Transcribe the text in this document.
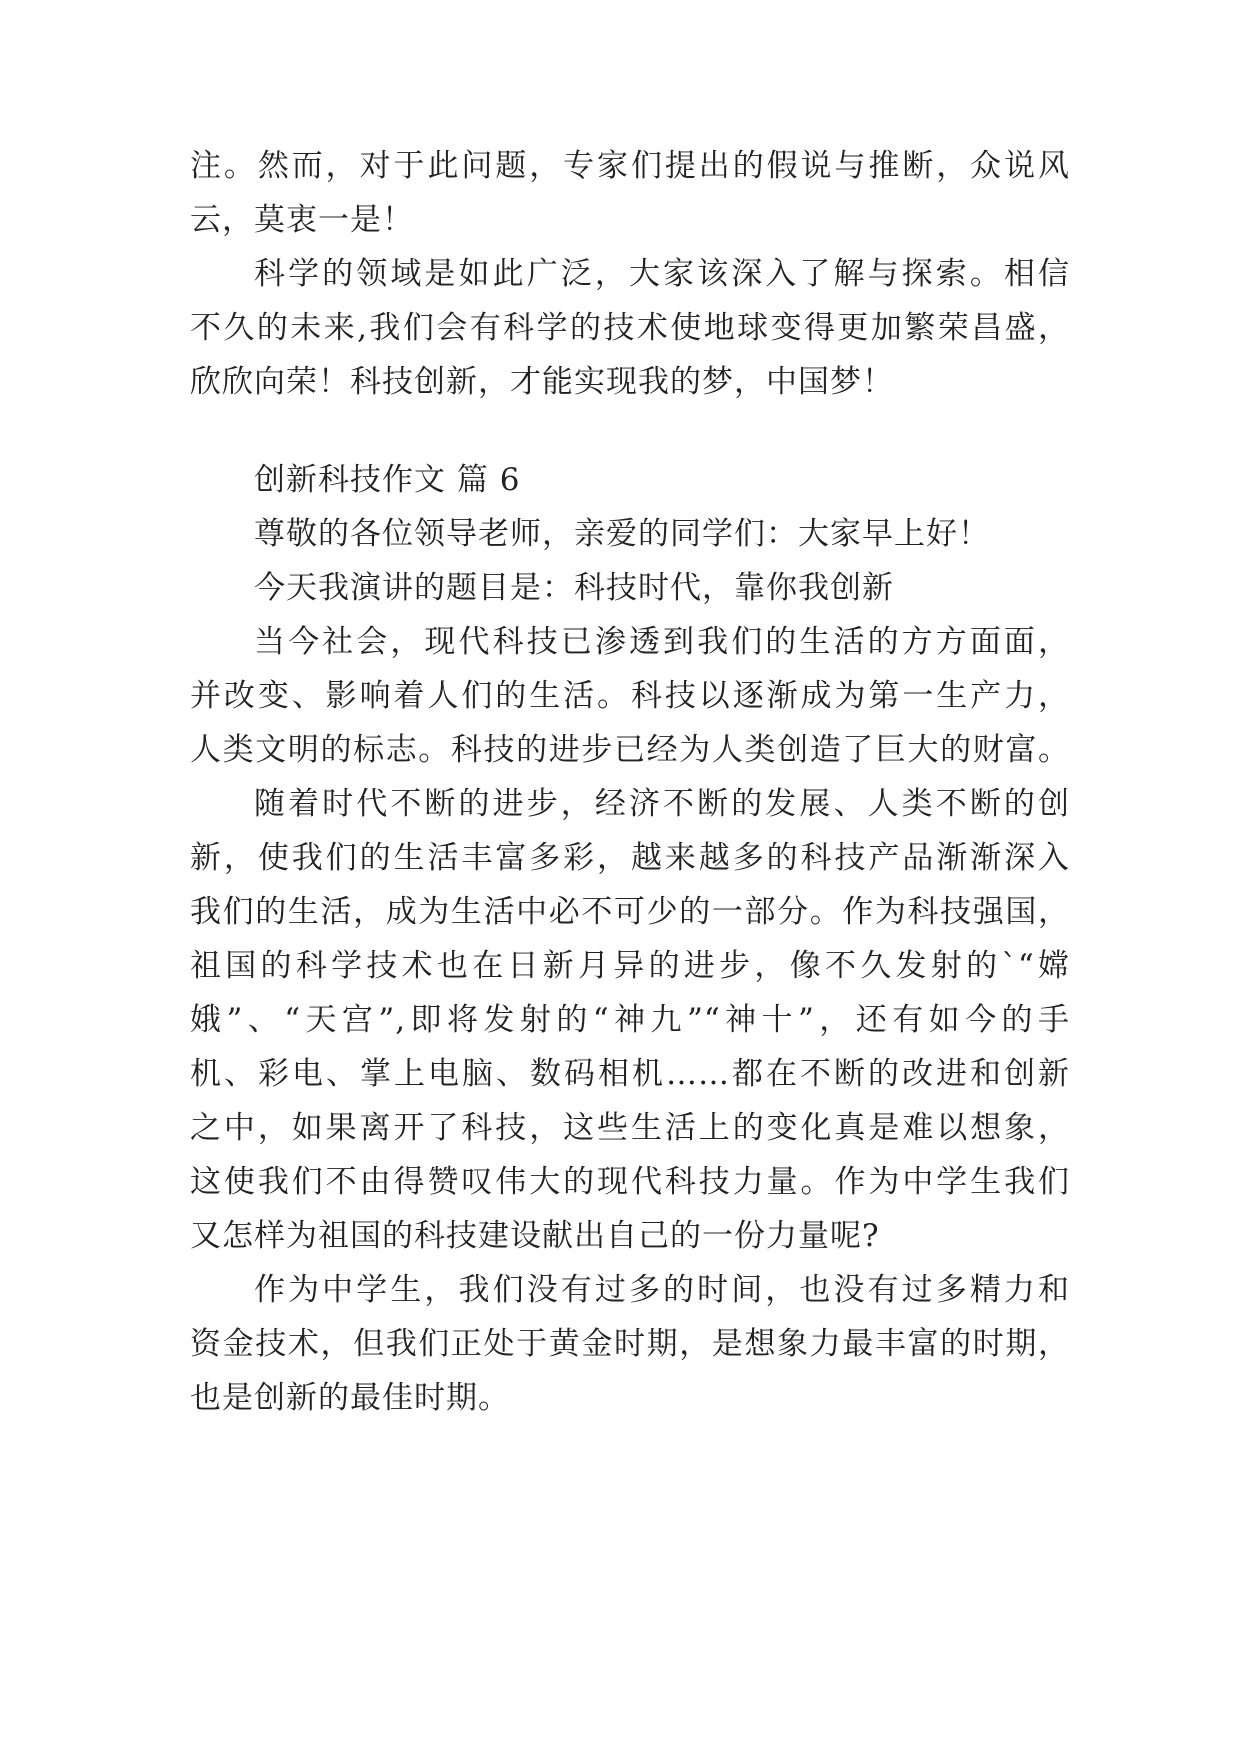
注。然而，对于此问题，专家们提出的假说与推断，众说风
云，莫衷一是！
科学的领域是如此广泛，大家该深入了解与探索。相信
不久的未来,我们会有科学的技术使地球变得更加繁荣昌盛，
欣欣向荣！科技创新，才能实现我的梦，中国梦！
创新科技作文 篇 6
尊敬的各位领导老师，亲爱的同学们：大家早上好！
今天我演讲的题目是：科技时代，靠你我创新
当今社会，现代科技已渗透到我们的生活的方方面面，
并改变、影响着人们的生活。科技以逐渐成为第一生产力，
人类文明的标志。科技的进步已经为人类创造了巨大的财富。
随着时代不断的进步，经济不断的发展、人类不断的创
新，使我们的生活丰富多彩，越来越多的科技产品渐渐深入
我们的生活，成为生活中必不可少的一部分。作为科技强国，
祖国的科学技术也在日新月异的进步，像不久发射的`“嫦
娥”、“天宫”,即将发射的“神九”“神十”，还有如今的手
机、彩电、掌上电脑、数码相机……都在不断的改进和创新
之中，如果离开了科技，这些生活上的变化真是难以想象，
这使我们不由得赞叹伟大的现代科技力量。作为中学生我们
又怎样为祖国的科技建设献出自己的一份力量呢?
作为中学生，我们没有过多的时间，也没有过多精力和
资金技术，但我们正处于黄金时期，是想象力最丰富的时期，
也是创新的最佳时期。
